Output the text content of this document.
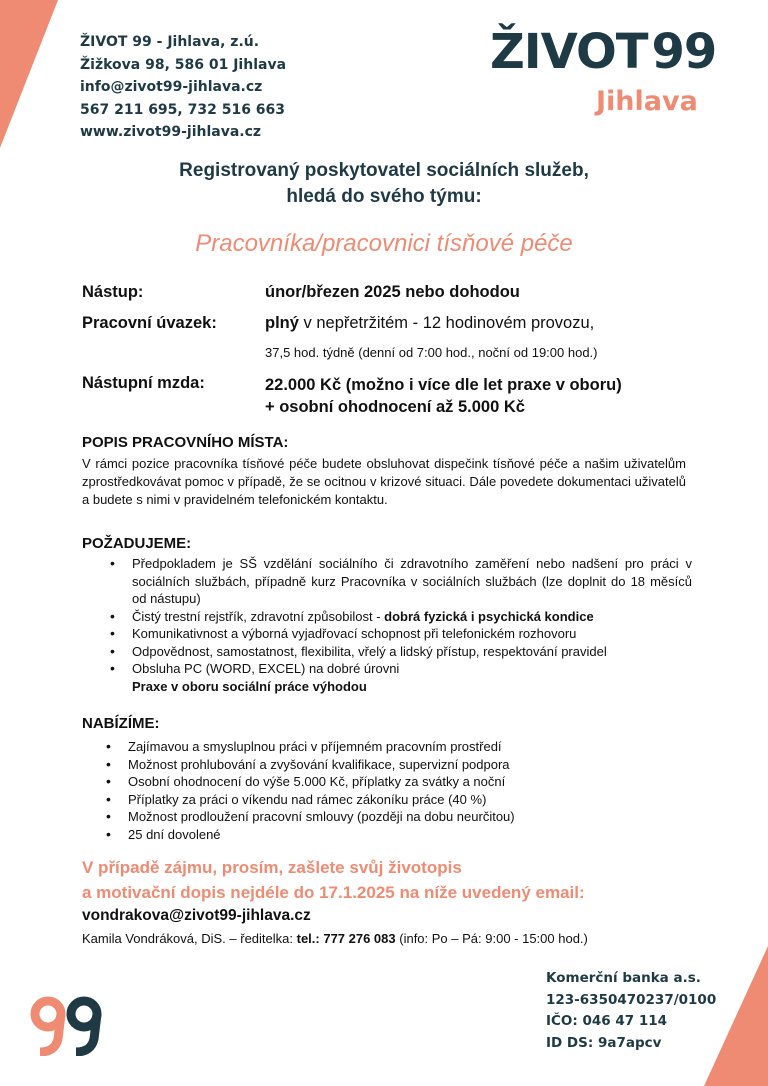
ŽIVOT 99 - Jihlava, z.ú.
Žižkova 98, 586 01 Jihlava
info@zivot99-jihlava.cz
567 211 695, 732 516 663
www.zivot99-jihlava.cz
ŽIVOT99
Jihlava
Registrovaný poskytovatel sociálních služeb,
hledá do svého týmu:
Pracovníka/pracovnici tísňové péče
Nástup:	únor/březen 2025 nebo dohodou
Pracovní úvazek:	plný v nepřetržitém - 12 hodinovém provozu,
37,5 hod. týdně (denní od 7:00 hod., noční od 19:00 hod.)
Nástupní mzda:	22.000 Kč (možno i více dle let praxe v oboru)
+ osobní ohodnocení až 5.000 Kč
POPIS PRACOVNÍHO MÍSTA:
V rámci pozice pracovníka tísňové péče budete obsluhovat dispečink tísňové péče a našim uživatelům zprostředkovávat pomoc v případě, že se ocitnou v krizové situaci. Dále povedete dokumentaci uživatelů a budete s nimi v pravidelném telefonickém kontaktu.
POŽADUJEME:
• Předpokladem je SŠ vzdělání sociálního či zdravotního zaměření nebo nadšení pro práci v sociálních službách, případně kurz Pracovníka v sociálních službách (lze doplnit do 18 měsíců od nástupu)
• Čistý trestní rejstřík, zdravotní způsobilost - dobrá fyzická i psychická kondice
• Komunikativnost a výborná vyjadřovací schopnost při telefonickém rozhovoru
• Odpovědnost, samostatnost, flexibilita, vřelý a lidský přístup, respektování pravidel
• Obsluha PC (WORD, EXCEL) na dobré úrovni
Praxe v oboru sociální práce výhodou
NABÍZÍME:
• Zajímavou a smysluplnou práci v příjemném pracovním prostředí
• Možnost prohlubování a zvyšování kvalifikace, supervizní podpora
• Osobní ohodnocení do výše 5.000 Kč, příplatky za svátky a noční
• Příplatky za práci o víkendu nad rámec zákoníku práce (40 %)
• Možnost prodloužení pracovní smlouvy (později na dobu neurčitou)
• 25 dní dovolené
V případě zájmu, prosím, zašlete svůj životopis
a motivační dopis nejdéle do 17.1.2025 na níže uvedený email:
vondrakova@zivot99-jihlava.cz
Kamila Vondráková, DiS. – ředitelka: tel.: 777 276 083 (info: Po – Pá: 9:00 - 15:00 hod.)
Komerční banka a.s.
123-6350470237/0100
IČO: 046 47 114
ID DS: 9a7apcv
